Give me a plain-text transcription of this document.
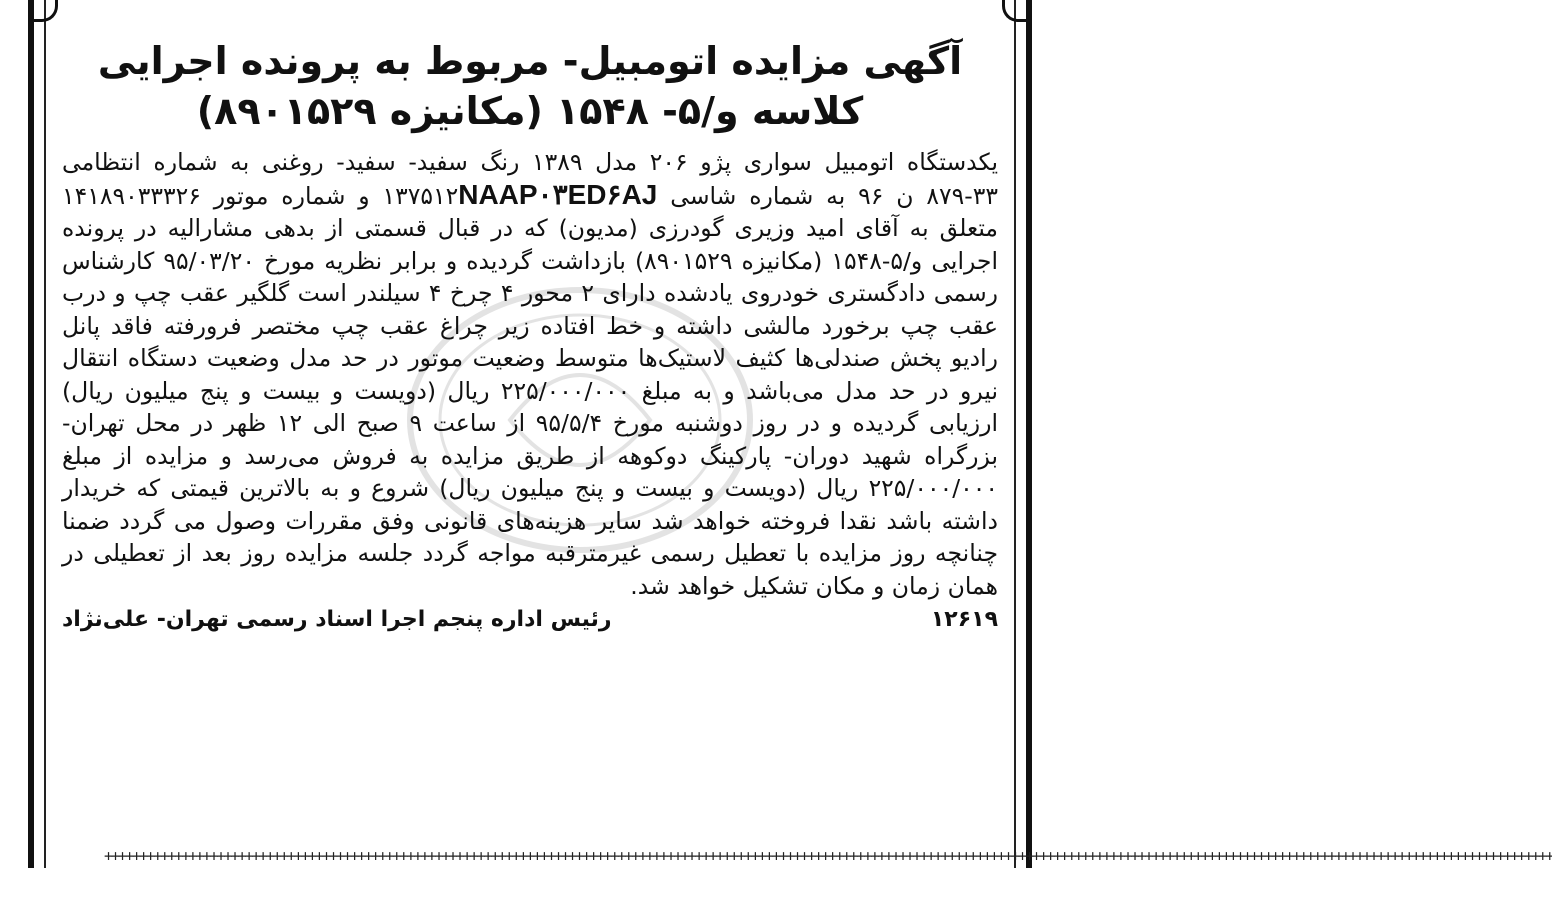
آگهی مزایده اتومبیل- مربوط به پرونده اجرایی کلاسه و/۵- ۱۵۴۸ (مکانیزه ۸۹۰۱۵۲۹)

یکدستگاه اتومبیل سواری پژو ۲۰۶ مدل ۱۳۸۹ رنگ سفید- سفید- روغنی به شماره انتظامی ۳۳-۸۷۹ ن ۹۶ به شماره شاسی NAAP۰۳ED۶AJ۱۳۷۵۱۲ و شماره موتور ۱۴۱۸۹۰۳۳۳۲۶ متعلق به آقای امید وزیری گودرزی (مدیون) که در قبال قسمتی از بدهی مشارالیه در پرونده اجرایی و/۵-۱۵۴۸ (مکانیزه ۸۹۰۱۵۲۹) بازداشت گردیده و برابر نظریه مورخ ۹۵/۰۳/۲۰ کارشناس رسمی دادگستری خودروی یادشده دارای ۲ محور ۴ چرخ ۴ سیلندر است گلگیر عقب چپ و درب عقب چپ برخورد مالشی داشته و خط افتاده زیر چراغ عقب چپ مختصر فرورفته فاقد پانل رادیو پخش صندلی‌ها کثیف لاستیک‌ها متوسط وضعیت موتور در حد مدل وضعیت دستگاه انتقال نیرو در حد مدل می‌باشد و به مبلغ ۲۲۵/۰۰۰/۰۰۰ ریال (دویست و بیست و پنج میلیون ریال) ارزیابی گردیده و در روز دوشنبه مورخ ۹۵/۵/۴ از ساعت ۹ صبح الی ۱۲ ظهر در محل تهران- بزرگراه شهید دوران- پارکینگ دوکوهه از طریق مزایده به فروش می‌رسد و مزایده از مبلغ ۲۲۵/۰۰۰/۰۰۰ ریال (دویست و بیست و پنج میلیون ریال) شروع و به بالاترین قیمتی که خریدار داشته باشد نقدا فروخته خواهد شد سایر هزینه‌های قانونی وفق مقررات وصول می گردد ضمنا چنانچه روز مزایده با تعطیل رسمی غیرمترقبه مواجه گردد جلسه مزایده روز بعد از تعطیلی در همان زمان و مکان تشکیل خواهد شد.

۱۲۶۱۹
رئیس اداره پنجم اجرا اسناد رسمی تهران- علی‌نژاد
++++++++++++++++++++++++++++++++++++++++++++++++++++++++++++++++++++++++++++++++++++++++++++++++++++++++++++++++++++++++++++++++++++++++++++++++++++++++++++++++++++++++++++++++++++++++++++++++++++++++++++++
